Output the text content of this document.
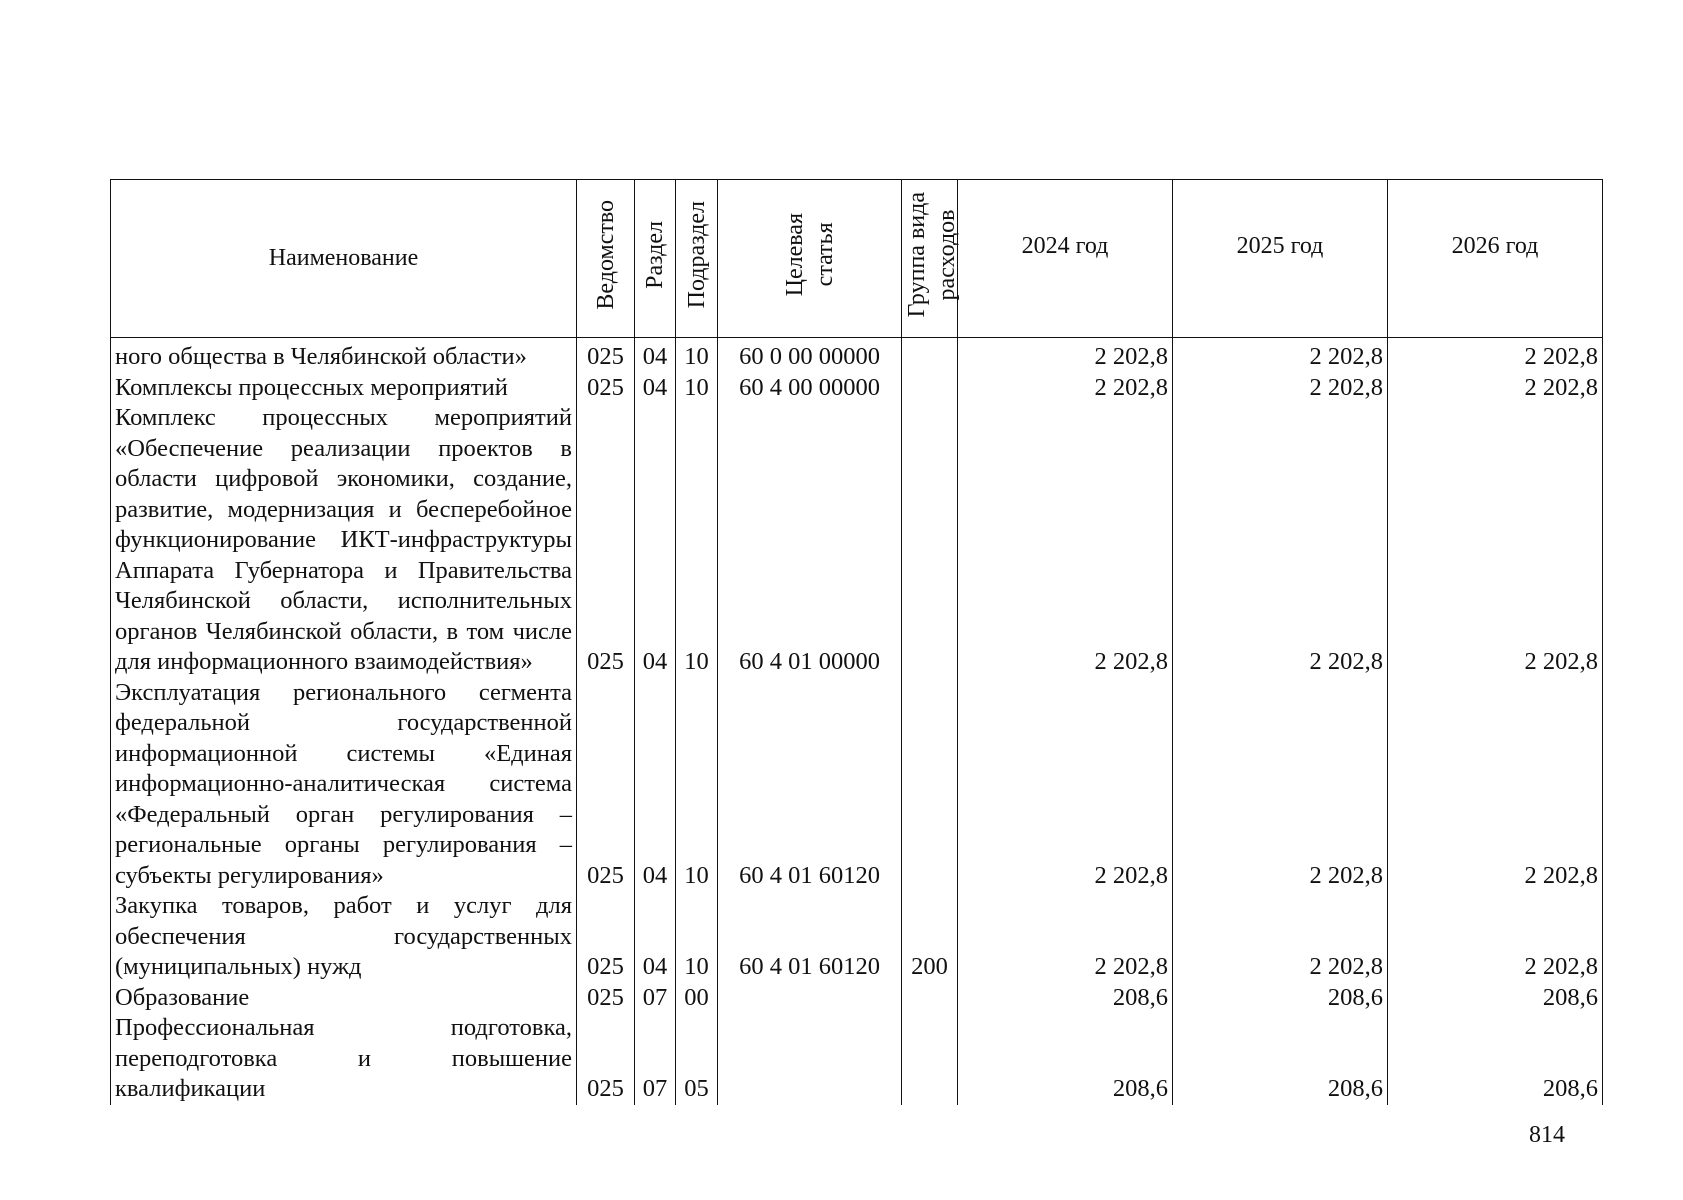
Наименование	Ведомство	Раздел	Подраздел	Целевая статья	Группа вида расходов	2024 год	2025 год	2026 год
ного общества в Челябинской области»	025	04	10	60 0 00 00000		2 202,8	2 202,8	2 202,8
Комплексы процессных мероприятий	025	04	10	60 4 00 00000		2 202,8	2 202,8	2 202,8
Комплекс процессных мероприятий «Обеспечение реализации проектов в области цифровой экономики, создание, развитие, модернизация и бесперебойное функционирование ИКТ-инфраструктуры Аппарата Губернатора и Правительства Челябинской области, исполнительных органов Челябинской области, в том числе для информационного взаимодействия»	025	04	10	60 4 01 00000		2 202,8	2 202,8	2 202,8
Эксплуатация регионального сегмента федеральной государственной информационной системы «Единая информационно-аналитическая система «Федеральный орган регулирования – региональные органы регулирования – субъекты регулирования»	025	04	10	60 4 01 60120		2 202,8	2 202,8	2 202,8
Закупка товаров, работ и услуг для обеспечения государственных (муниципальных) нужд	025	04	10	60 4 01 60120	200	2 202,8	2 202,8	2 202,8
Образование	025	07	00			208,6	208,6	208,6
Профессиональная подготовка, переподготовка и повышение квалификации	025	07	05			208,6	208,6	208,6
814
